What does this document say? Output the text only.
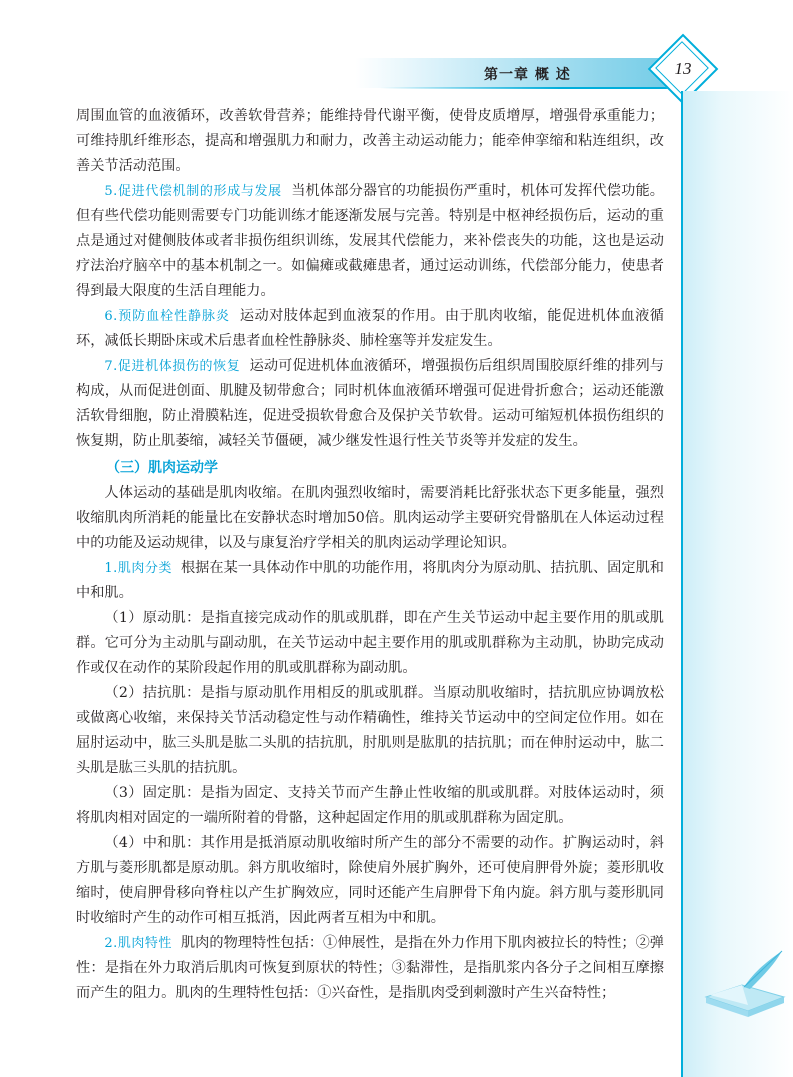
第一章 概 述	13

周围血管的血液循环，改善软骨营养；能维持骨代谢平衡，使骨皮质增厚，增强骨承重能力；可维持肌纤维形态，提高和增强肌力和耐力，改善主动运动能力；能牵伸挛缩和粘连组织，改善关节活动范围。

5.促进代偿机制的形成与发展 当机体部分器官的功能损伤严重时，机体可发挥代偿功能。但有些代偿功能则需要专门功能训练才能逐渐发展与完善。特别是中枢神经损伤后，运动的重点是通过对健侧肢体或者非损伤组织训练，发展其代偿能力，来补偿丧失的功能，这也是运动疗法治疗脑卒中的基本机制之一。如偏瘫或截瘫患者，通过运动训练，代偿部分能力，使患者得到最大限度的生活自理能力。

6.预防血栓性静脉炎 运动对肢体起到血液泵的作用。由于肌肉收缩，能促进机体血液循环，减低长期卧床或术后患者血栓性静脉炎、肺栓塞等并发症发生。

7.促进机体损伤的恢复 运动可促进机体血液循环，增强损伤后组织周围胶原纤维的排列与构成，从而促进创面、肌腱及韧带愈合；同时机体血液循环增强可促进骨折愈合；运动还能激活软骨细胞，防止滑膜粘连，促进受损软骨愈合及保护关节软骨。运动可缩短机体损伤组织的恢复期，防止肌萎缩，减轻关节僵硬，减少继发性退行性关节炎等并发症的发生。

（三）肌肉运动学

人体运动的基础是肌肉收缩。在肌肉强烈收缩时，需要消耗比舒张状态下更多能量，强烈收缩肌肉所消耗的能量比在安静状态时增加50倍。肌肉运动学主要研究骨骼肌在人体运动过程中的功能及运动规律，以及与康复治疗学相关的肌肉运动学理论知识。

1.肌肉分类 根据在某一具体动作中肌的功能作用，将肌肉分为原动肌、拮抗肌、固定肌和中和肌。

（1）原动肌：是指直接完成动作的肌或肌群，即在产生关节运动中起主要作用的肌或肌群。它可分为主动肌与副动肌，在关节运动中起主要作用的肌或肌群称为主动肌，协助完成动作或仅在动作的某阶段起作用的肌或肌群称为副动肌。

（2）拮抗肌：是指与原动肌作用相反的肌或肌群。当原动肌收缩时，拮抗肌应协调放松或做离心收缩，来保持关节活动稳定性与动作精确性，维持关节运动中的空间定位作用。如在屈肘运动中，肱三头肌是肱二头肌的拮抗肌，肘肌则是肱肌的拮抗肌；而在伸肘运动中，肱二头肌是肱三头肌的拮抗肌。

（3）固定肌：是指为固定、支持关节而产生静止性收缩的肌或肌群。对肢体运动时，须将肌肉相对固定的一端所附着的骨骼，这种起固定作用的肌或肌群称为固定肌。

（4）中和肌：其作用是抵消原动肌收缩时所产生的部分不需要的动作。扩胸运动时，斜方肌与菱形肌都是原动肌。斜方肌收缩时，除使肩外展扩胸外，还可使肩胛骨外旋；菱形肌收缩时，使肩胛骨移向脊柱以产生扩胸效应，同时还能产生肩胛骨下角内旋。斜方肌与菱形肌同时收缩时产生的动作可相互抵消，因此两者互相为中和肌。

2.肌肉特性 肌肉的物理特性包括：①伸展性，是指在外力作用下肌肉被拉长的特性；②弹性：是指在外力取消后肌肉可恢复到原状的特性；③黏滞性，是指肌浆内各分子之间相互摩擦而产生的阻力。肌肉的生理特性包括：①兴奋性，是指肌肉受到刺激时产生兴奋特性；
